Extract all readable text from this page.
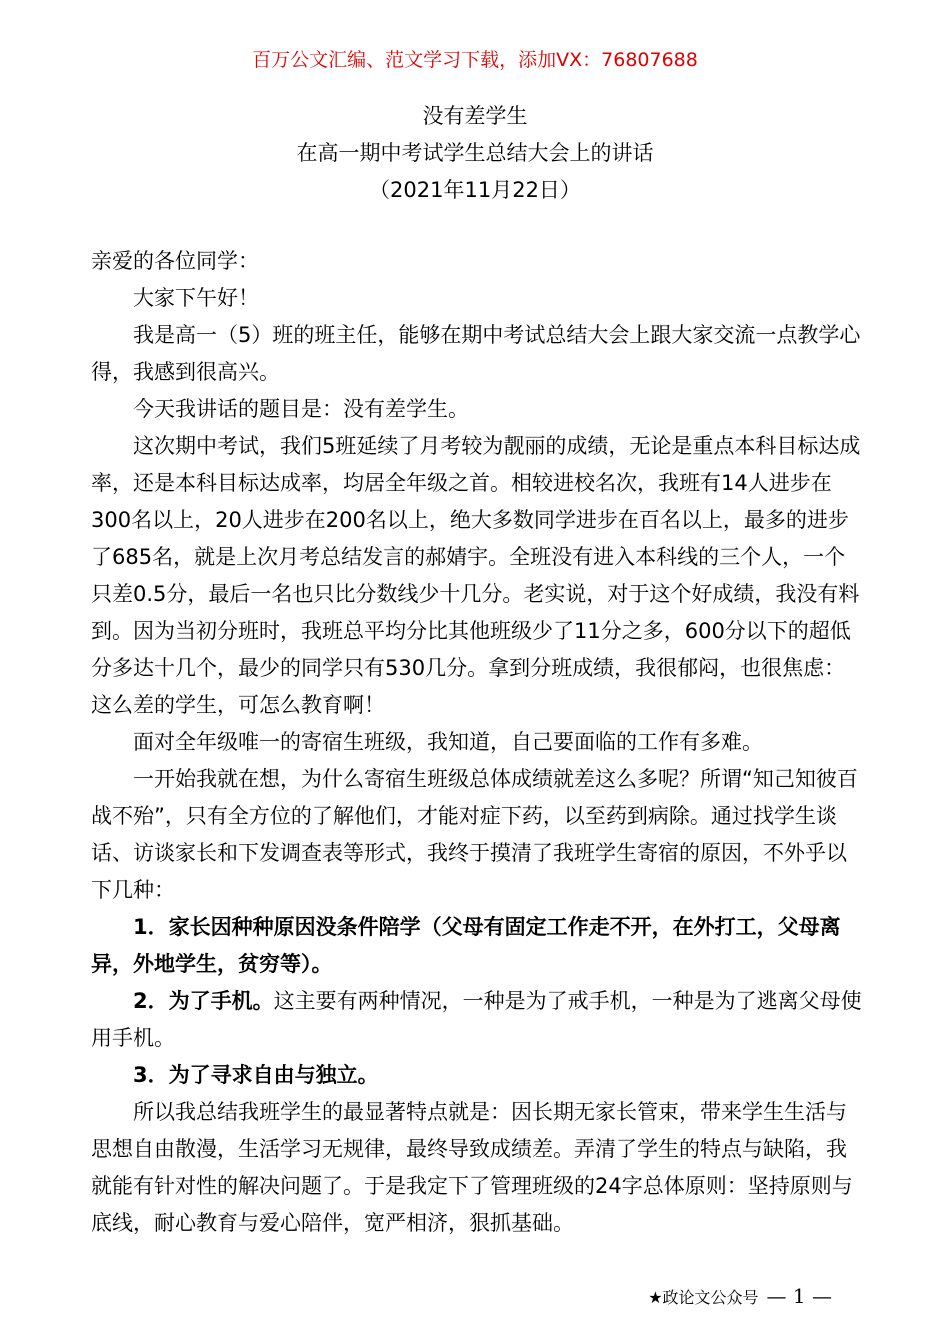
百万公文汇编、范文学习下载，添加VX：76807688
没有差学生
在高一期中考试学生总结大会上的讲话
（2021年11月22日）

亲爱的各位同学：

大家下午好！

我是高一（5）班的班主任，能够在期中考试总结大会上跟大家交流一点教学心得，我感到很高兴。

今天我讲话的题目是：没有差学生。

这次期中考试，我们5班延续了月考较为靓丽的成绩，无论是重点本科目标达成率，还是本科目标达成率，均居全年级之首。相较进校名次，我班有14人进步在300名以上，20人进步在200名以上，绝大多数同学进步在百名以上，最多的进步了685名，就是上次月考总结发言的郝婧宇。全班没有进入本科线的三个人，一个只差0.5分，最后一名也只比分数线少十几分。老实说，对于这个好成绩，我没有料到。因为当初分班时，我班总平均分比其他班级少了11分之多，600分以下的超低分多达十几个，最少的同学只有530几分。拿到分班成绩，我很郁闷，也很焦虑：这么差的学生，可怎么教育啊！

面对全年级唯一的寄宿生班级，我知道，自己要面临的工作有多难。

一开始我就在想，为什么寄宿生班级总体成绩就差这么多呢？所谓“知己知彼百战不殆”，只有全方位的了解他们，才能对症下药，以至药到病除。通过找学生谈话、访谈家长和下发调查表等形式，我终于摸清了我班学生寄宿的原因，不外乎以下几种：

1．家长因种种原因没条件陪学（父母有固定工作走不开，在外打工，父母离异，外地学生，贫穷等）。

2．为了手机。这主要有两种情况，一种是为了戒手机，一种是为了逃离父母使用手机。

3．为了寻求自由与独立。

所以我总结我班学生的最显著特点就是：因长期无家长管束，带来学生生活与思想自由散漫，生活学习无规律，最终导致成绩差。弄清了学生的特点与缺陷，我就能有针对性的解决问题了。于是我定下了管理班级的24字总体原则：坚持原则与底线，耐心教育与爱心陪伴，宽严相济，狠抓基础。

★政论文公众号 — 1 —
